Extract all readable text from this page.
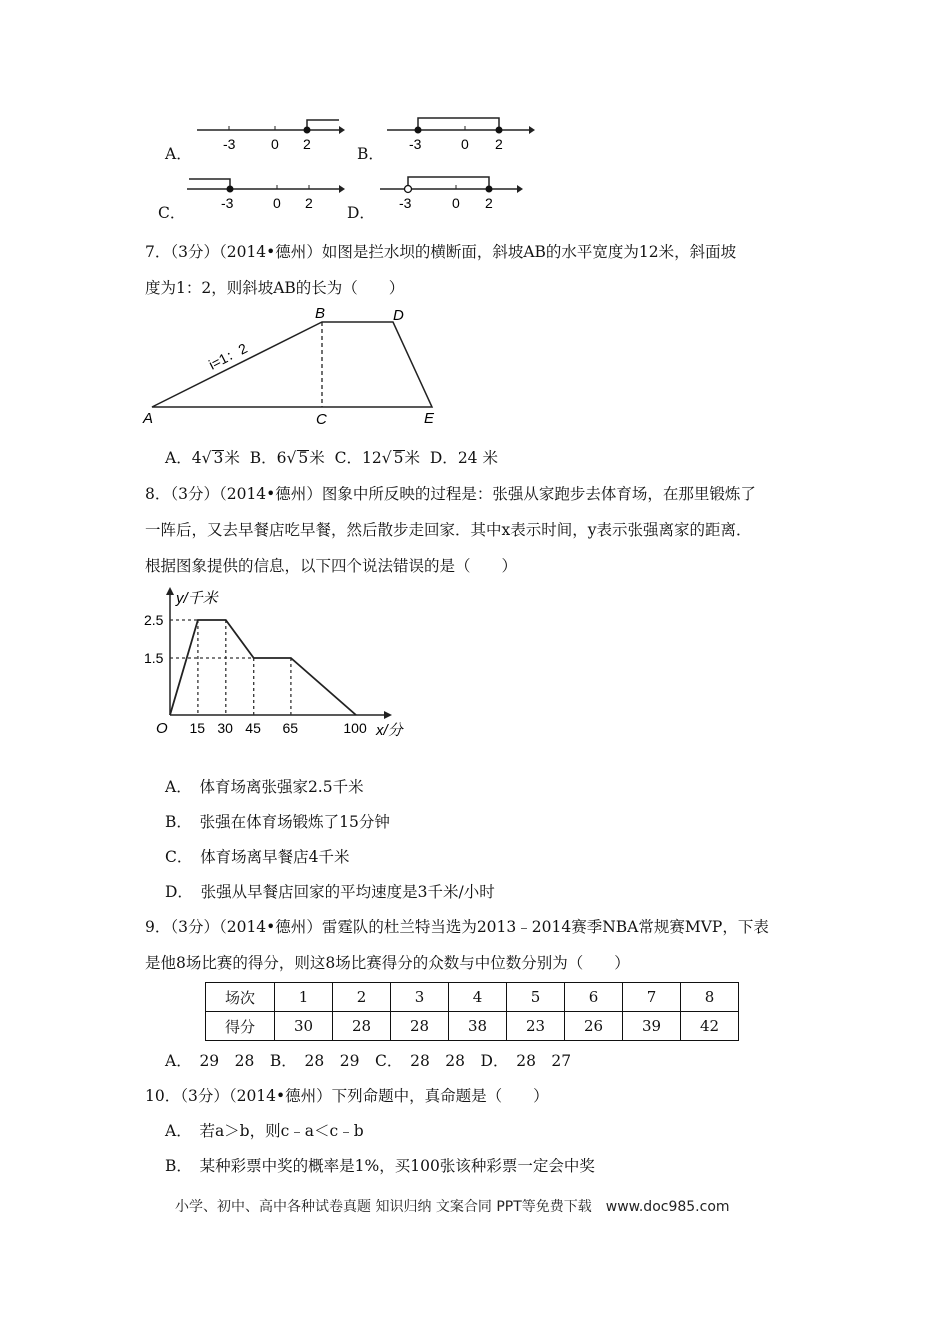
A．
-3	0 2
B．
-3	0 2
C．
-3	0 2
D．
-3	0 2
7．（3分）（2014•德州）如图是拦水坝的横断面，斜坡AB的水平宽度为12米，斜面坡
度为1：2，则斜坡AB的长为（　　）
A
B
C
D
E
i=1：2
A．4√ 3米 B．6√ 5米 C．12√ 5米 D．24 米
8．（3分）（2014•德州）图象中所反映的过程是：张强从家跑步去体育场，在那里锻炼了
一阵后，又去早餐店吃早餐，然后散步走回家．其中x表示时间，y表示张强离家的距离．
根据图象提供的信息，以下四个说法错误的是（　　）
15 30 45 65	100
2.5
1.5
O
y/千米
x/分
A．　体育场离张强家2.5千米
B．　张强在体育场锻炼了15分钟
C．　体育场离早餐店4千米
D．　张强从早餐店回家的平均速度是3千米/小时
9．（3分）（2014•德州）雷霆队的杜兰特当选为2013﹣2014赛季NBA常规赛MVP，下表
是他8场比赛的得分，则这8场比赛得分的众数与中位数分别为（　　）
场次	1	2	3	4	5	6	7	8
得分	30	28	28	38	23	26	39	42
A．　29　28　B．　28　29　C．　28　28　D．　28　27
10．（3分）（2014•德州）下列命题中，真命题是（　　）
A．　若a＞b，则c﹣a＜c﹣b
B．　某种彩票中奖的概率是1%，买100张该种彩票一定会中奖
小学、初中、高中各种试卷真题 知识归纳 文案合同 PPT等免费下载　www.doc985.com
